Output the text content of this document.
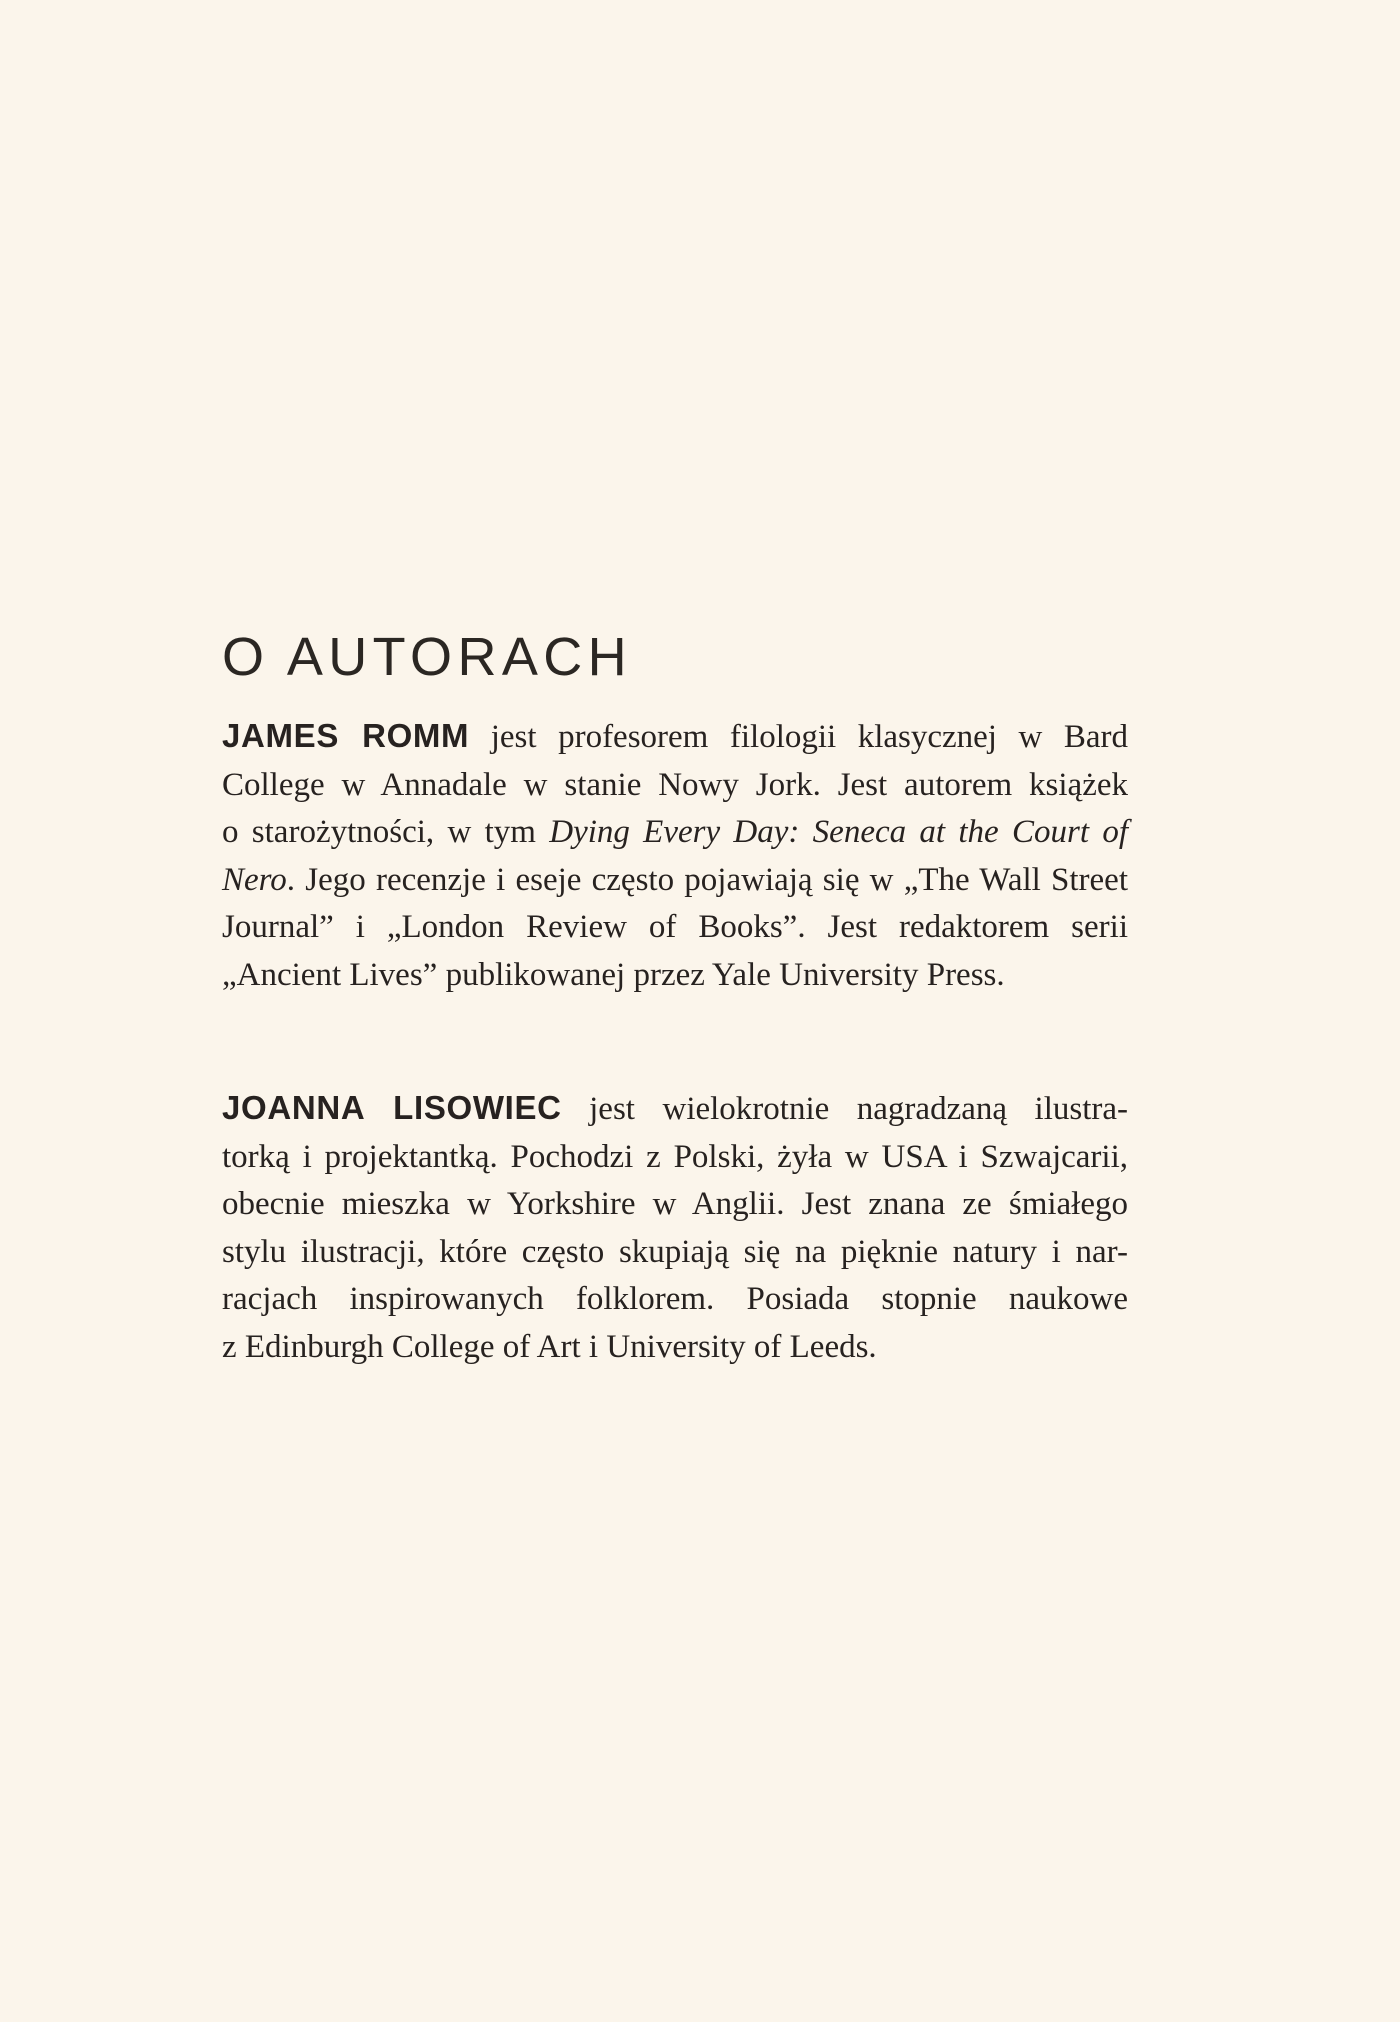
O AUTORACH
JAMES ROMM jest profesorem filologii klasycznej w Bard
College w Annadale w stanie Nowy Jork. Jest autorem książek
o starożytności, w tym Dying Every Day: Seneca at the Court of
Nero. Jego recenzje i eseje często pojawiają się w „The Wall Street
Journal” i „London Review of Books”. Jest redaktorem serii
„Ancient Lives” publikowanej przez Yale University Press.
JOANNA LISOWIEC jest wielokrotnie nagradzaną ilustra-
torką i projektantką. Pochodzi z Polski, żyła w USA i Szwajcarii,
obecnie mieszka w Yorkshire w Anglii. Jest znana ze śmiałego
stylu ilustracji, które często skupiają się na pięknie natury i nar-
racjach inspirowanych folklorem. Posiada stopnie naukowe
z Edinburgh College of Art i University of Leeds.
